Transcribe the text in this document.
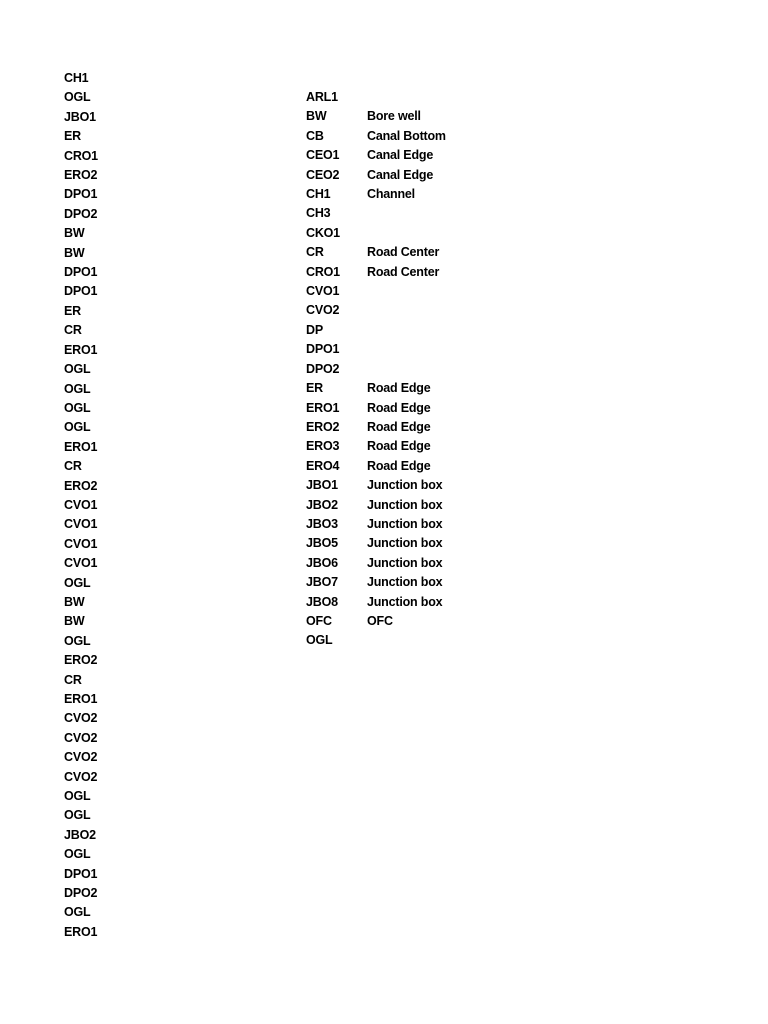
CH1
OGL
JBO1
ER
CRO1
ERO2
DPO1
DPO2
BW
BW
DPO1
DPO1
ER
CR
ERO1
OGL
OGL
OGL
OGL
ERO1
CR
ERO2
CVO1
CVO1
CVO1
CVO1
OGL
BW
BW
OGL
ERO2
CR
ERO1
CVO2
CVO2
CVO2
CVO2
OGL
OGL
JBO2
OGL
DPO1
DPO2
OGL
ERO1
ARL1
BW	Bore well
CB	Canal Bottom
CEO1	Canal Edge
CEO2	Canal Edge
CH1	Channel
CH3
CKO1
CR	Road Center
CRO1	Road Center
CVO1
CVO2
DP
DPO1
DPO2
ER	Road Edge
ERO1	Road Edge
ERO2	Road Edge
ERO3	Road Edge
ERO4	Road Edge
JBO1	Junction box
JBO2	Junction box
JBO3	Junction box
JBO5	Junction box
JBO6	Junction box
JBO7	Junction box
JBO8	Junction box
OFC	OFC
OGL
